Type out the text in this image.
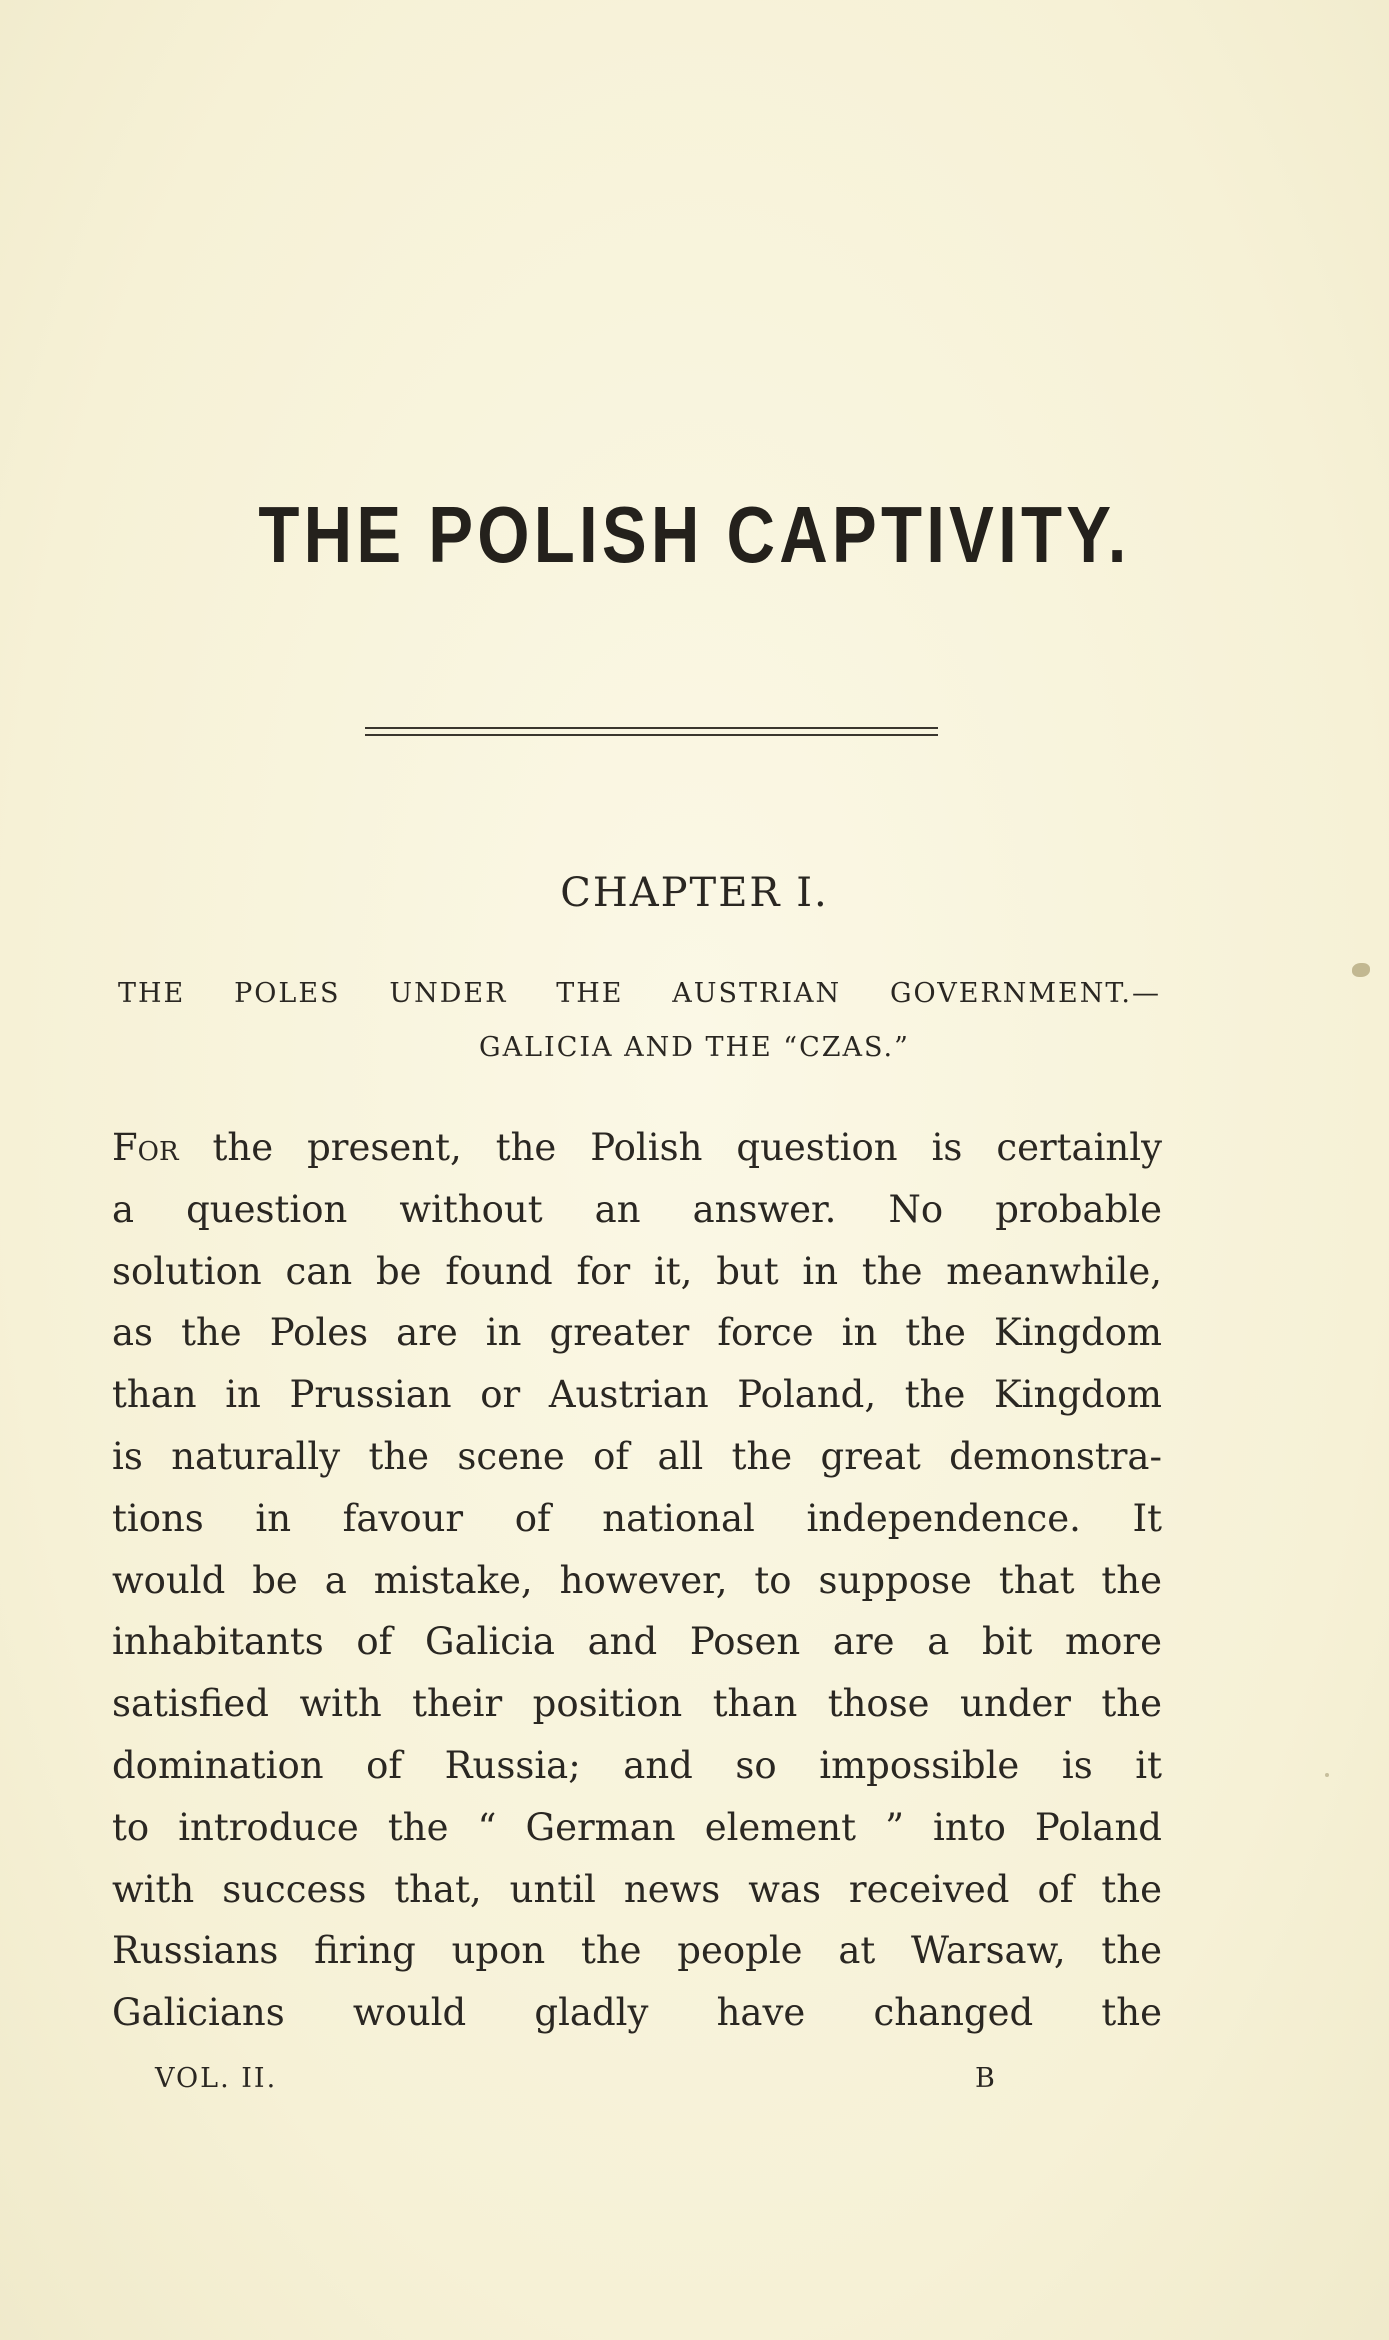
THE POLISH CAPTIVITY.
CHAPTER I.

THE POLES UNDER THE AUSTRIAN GOVERNMENT.—

GALICIA AND THE “CZAS.”

For the present, the Polish question is certainly
a question without an answer. No probable
solution can be found for it, but in the meanwhile,
as the Poles are in greater force in the Kingdom
than in Prussian or Austrian Poland, the Kingdom
is naturally the scene of all the great demonstra-
tions in favour of national independence. It
would be a mistake, however, to suppose that the
inhabitants of Galicia and Posen are a bit more
satisfied with their position than those under the
domination of Russia; and so impossible is it
to introduce the “ German element ” into Poland
with success that, until news was received of the
Russians firing upon the people at Warsaw, the
Galicians would gladly have changed the

VOL. II.	B
